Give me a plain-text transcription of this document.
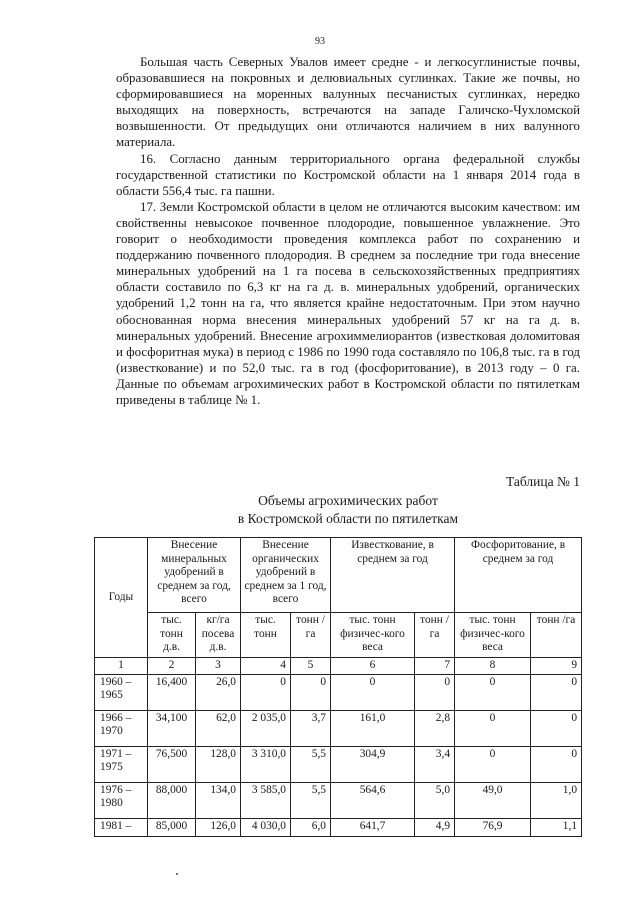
93

Большая часть Северных Увалов имеет средне - и легкосуглинистые почвы, образовавшиеся на покровных и делювиальных суглинках. Такие же почвы, но сформировавшиеся на моренных валунных песчанистых суглинках, нередко выходящих на поверхность, встречаются на западе Галичско-Чухломской возвышенности. От предыдущих они отличаются наличием в них валунного материала.

16. Согласно данным территориального органа федеральной службы государственной статистики по Костромской области на 1 января 2014 года в области 556,4 тыс. га пашни.

17. Земли Костромской области в целом не отличаются высоким качеством: им свойственны невысокое почвенное плодородие, повышенное увлажнение. Это говорит о необходимости проведения комплекса работ по сохранению и поддержанию почвенного плодородия. В среднем за последние три года внесение минеральных удобрений на 1 га посева в сельскохозяйственных предприятиях области составило по 6,3 кг на га д. в. минеральных удобрений, органических удобрений 1,2 тонн на га, что является крайне недостаточным. При этом научно обоснованная норма внесения минеральных удобрений 57 кг на га д. в. минеральных удобрений. Внесение агрохиммелиорантов (известковая доломитовая и фосфоритная мука) в период с 1986 по 1990 года составляло по 106,8 тыс. га в год (известкование) и по 52,0 тыс. га в год (фосфоритование), в 2013 году – 0 га. Данные по объемам агрохимических работ в Костромской области по пятилеткам приведены в таблице № 1.

Таблица № 1
Объемы агрохимических работ
в Костромской области по пятилеткам
Годы	Внесение минеральных удобрений в среднем за год, всего		Внесение органических удобрений в среднем за 1 год, всего		Известкование, в среднем за год		Фосфоритование, в среднем за год	
	тыс. тонн д.в.	кг/га посева д.в.	тыс. тонн	тонн /га	тыс. тонн физичес-кого веса	тонн /га	тыс. тонн физичес-кого веса	тонн /га
1	2	3	4	5	6	7	8	9
1960 – 1965	16,400	26,0	0	0	0	0	0	0
1966 – 1970	34,100	62,0	2 035,0	3,7	161,0	2,8	0	0
1971 – 1975	76,500	128,0	3 310,0	5,5	304,9	3,4	0	0
1976 – 1980	88,000	134,0	3 585,0	5,5	564,6	5,0	49,0	1,0
1981 –	85,000	126,0	4 030,0	6,0	641,7	4,9	76,9	1,1
